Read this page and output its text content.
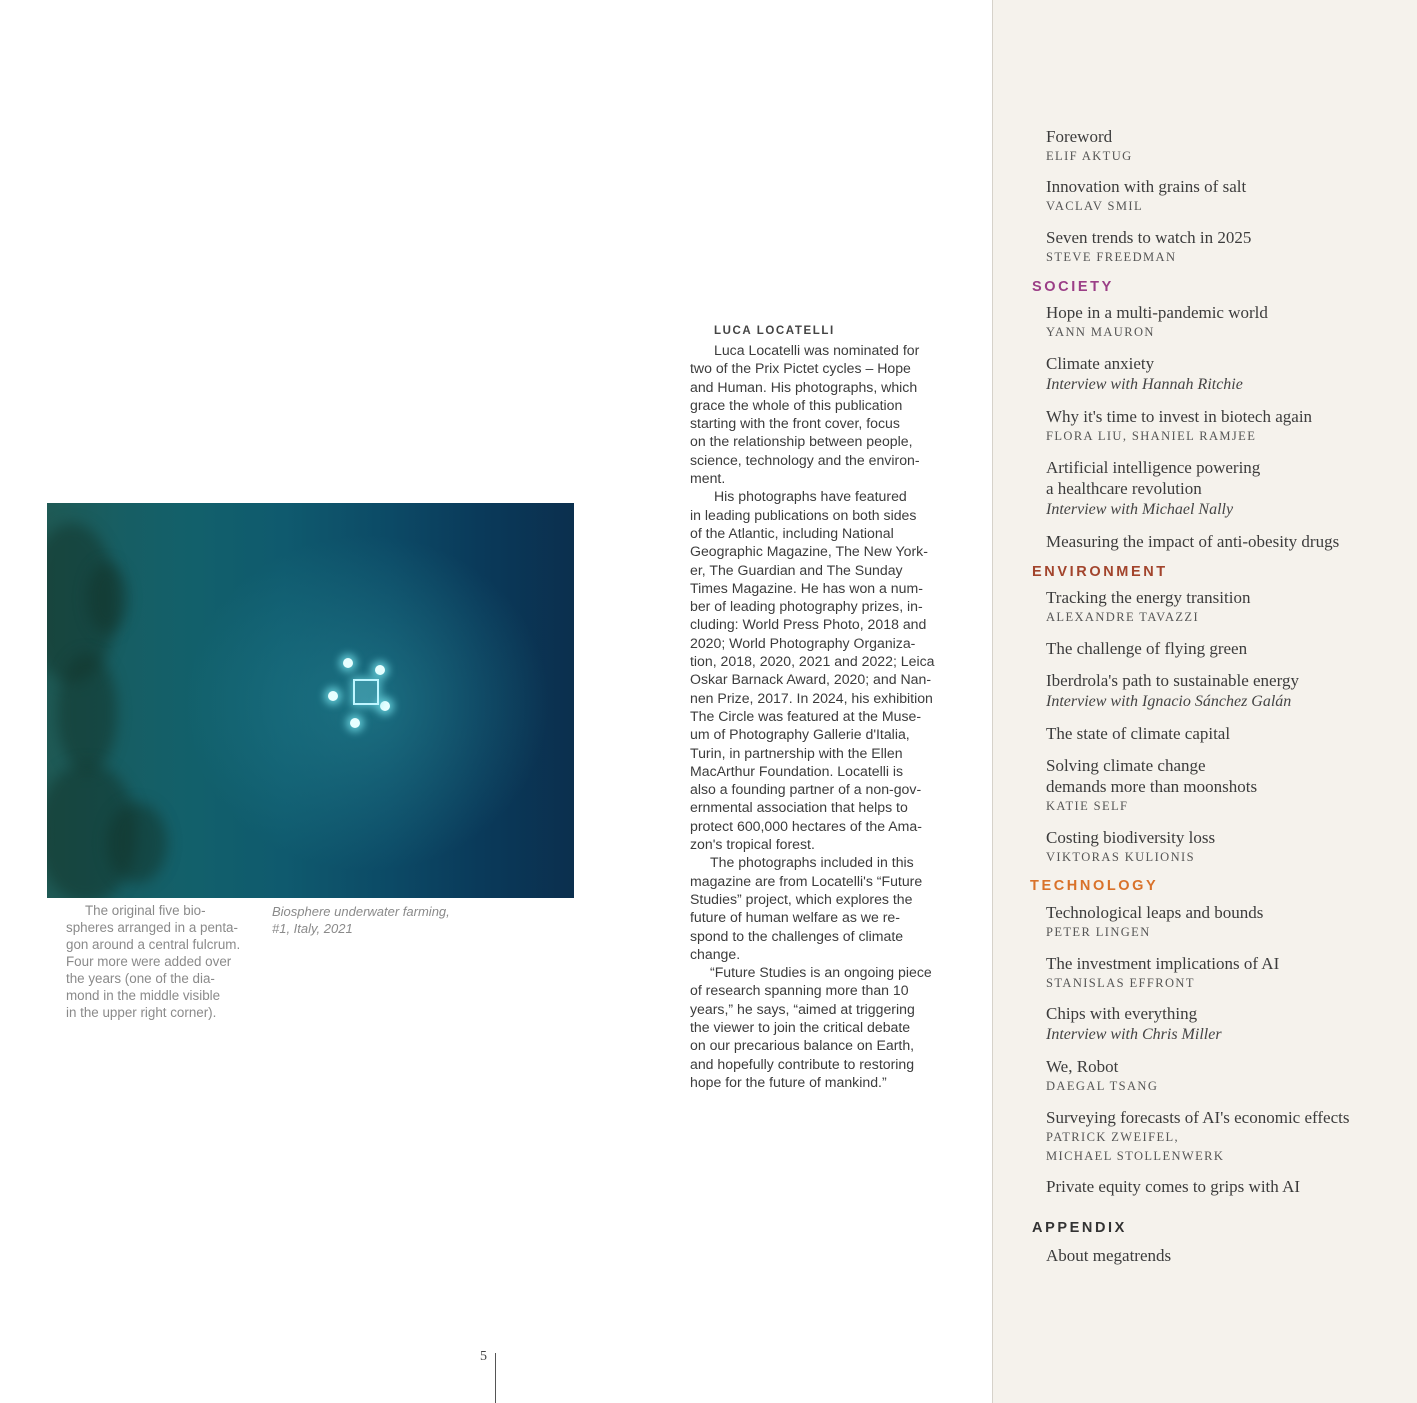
The original five bio-
spheres arranged in a penta-
gon around a central fulcrum.
Four more were added over
the years (one of the dia-
mond in the middle visible
in the upper right corner).
Biosphere underwater farming,
#1, Italy, 2021
LUCA LOCATELLI
Luca Locatelli was nominated for
two of the Prix Pictet cycles – Hope
and Human. His photographs, which
grace the whole of this publication
starting with the front cover, focus
on the relationship between people,
science, technology and the environ-
ment.
His photographs have featured
in leading publications on both sides
of the Atlantic, including National
Geographic Magazine, The New York-
er, The Guardian and The Sunday
Times Magazine. He has won a num-
ber of leading photography prizes, in-
cluding: World Press Photo, 2018 and
2020; World Photography Organiza-
tion, 2018, 2020, 2021 and 2022; Leica
Oskar Barnack Award, 2020; and Nan-
nen Prize, 2017. In 2024, his exhibition
The Circle was featured at the Muse-
um of Photography Gallerie d'Italia,
Turin, in partnership with the Ellen
MacArthur Foundation. Locatelli is
also a founding partner of a non-gov-
ernmental association that helps to
protect 600,000 hectares of the Ama-
zon's tropical forest.
The photographs included in this
magazine are from Locatelli's “Future
Studies” project, which explores the
future of human welfare as we re-
spond to the challenges of climate
change.
“Future Studies is an ongoing piece
of research spanning more than 10
years,” he says, “aimed at triggering
the viewer to join the critical debate
on our precarious balance on Earth,
and hopefully contribute to restoring
hope for the future of mankind.”
5
Foreword
ELIF AKTUG
Innovation with grains of salt
VACLAV SMIL
Seven trends to watch in 2025
STEVE FREEDMAN
SOCIETY
Hope in a multi-pandemic world
YANN MAURON
Climate anxiety
Interview with Hannah Ritchie
Why it's time to invest in biotech again
FLORA LIU, SHANIEL RAMJEE
Artificial intelligence powering
a healthcare revolution
Interview with Michael Nally
Measuring the impact of anti-obesity drugs
ENVIRONMENT
Tracking the energy transition
ALEXANDRE TAVAZZI
The challenge of flying green
Iberdrola's path to sustainable energy
Interview with Ignacio Sánchez Galán
The state of climate capital
Solving climate change
demands more than moonshots
KATIE SELF
Costing biodiversity loss
VIKTORAS KULIONIS
TECHNOLOGY
Technological leaps and bounds
PETER LINGEN
The investment implications of AI
STANISLAS EFFRONT
Chips with everything
Interview with Chris Miller
We, Robot
DAEGAL TSANG
Surveying forecasts of AI's economic effects
PATRICK ZWEIFEL,
MICHAEL STOLLENWERK
Private equity comes to grips with AI
APPENDIX
About megatrends
